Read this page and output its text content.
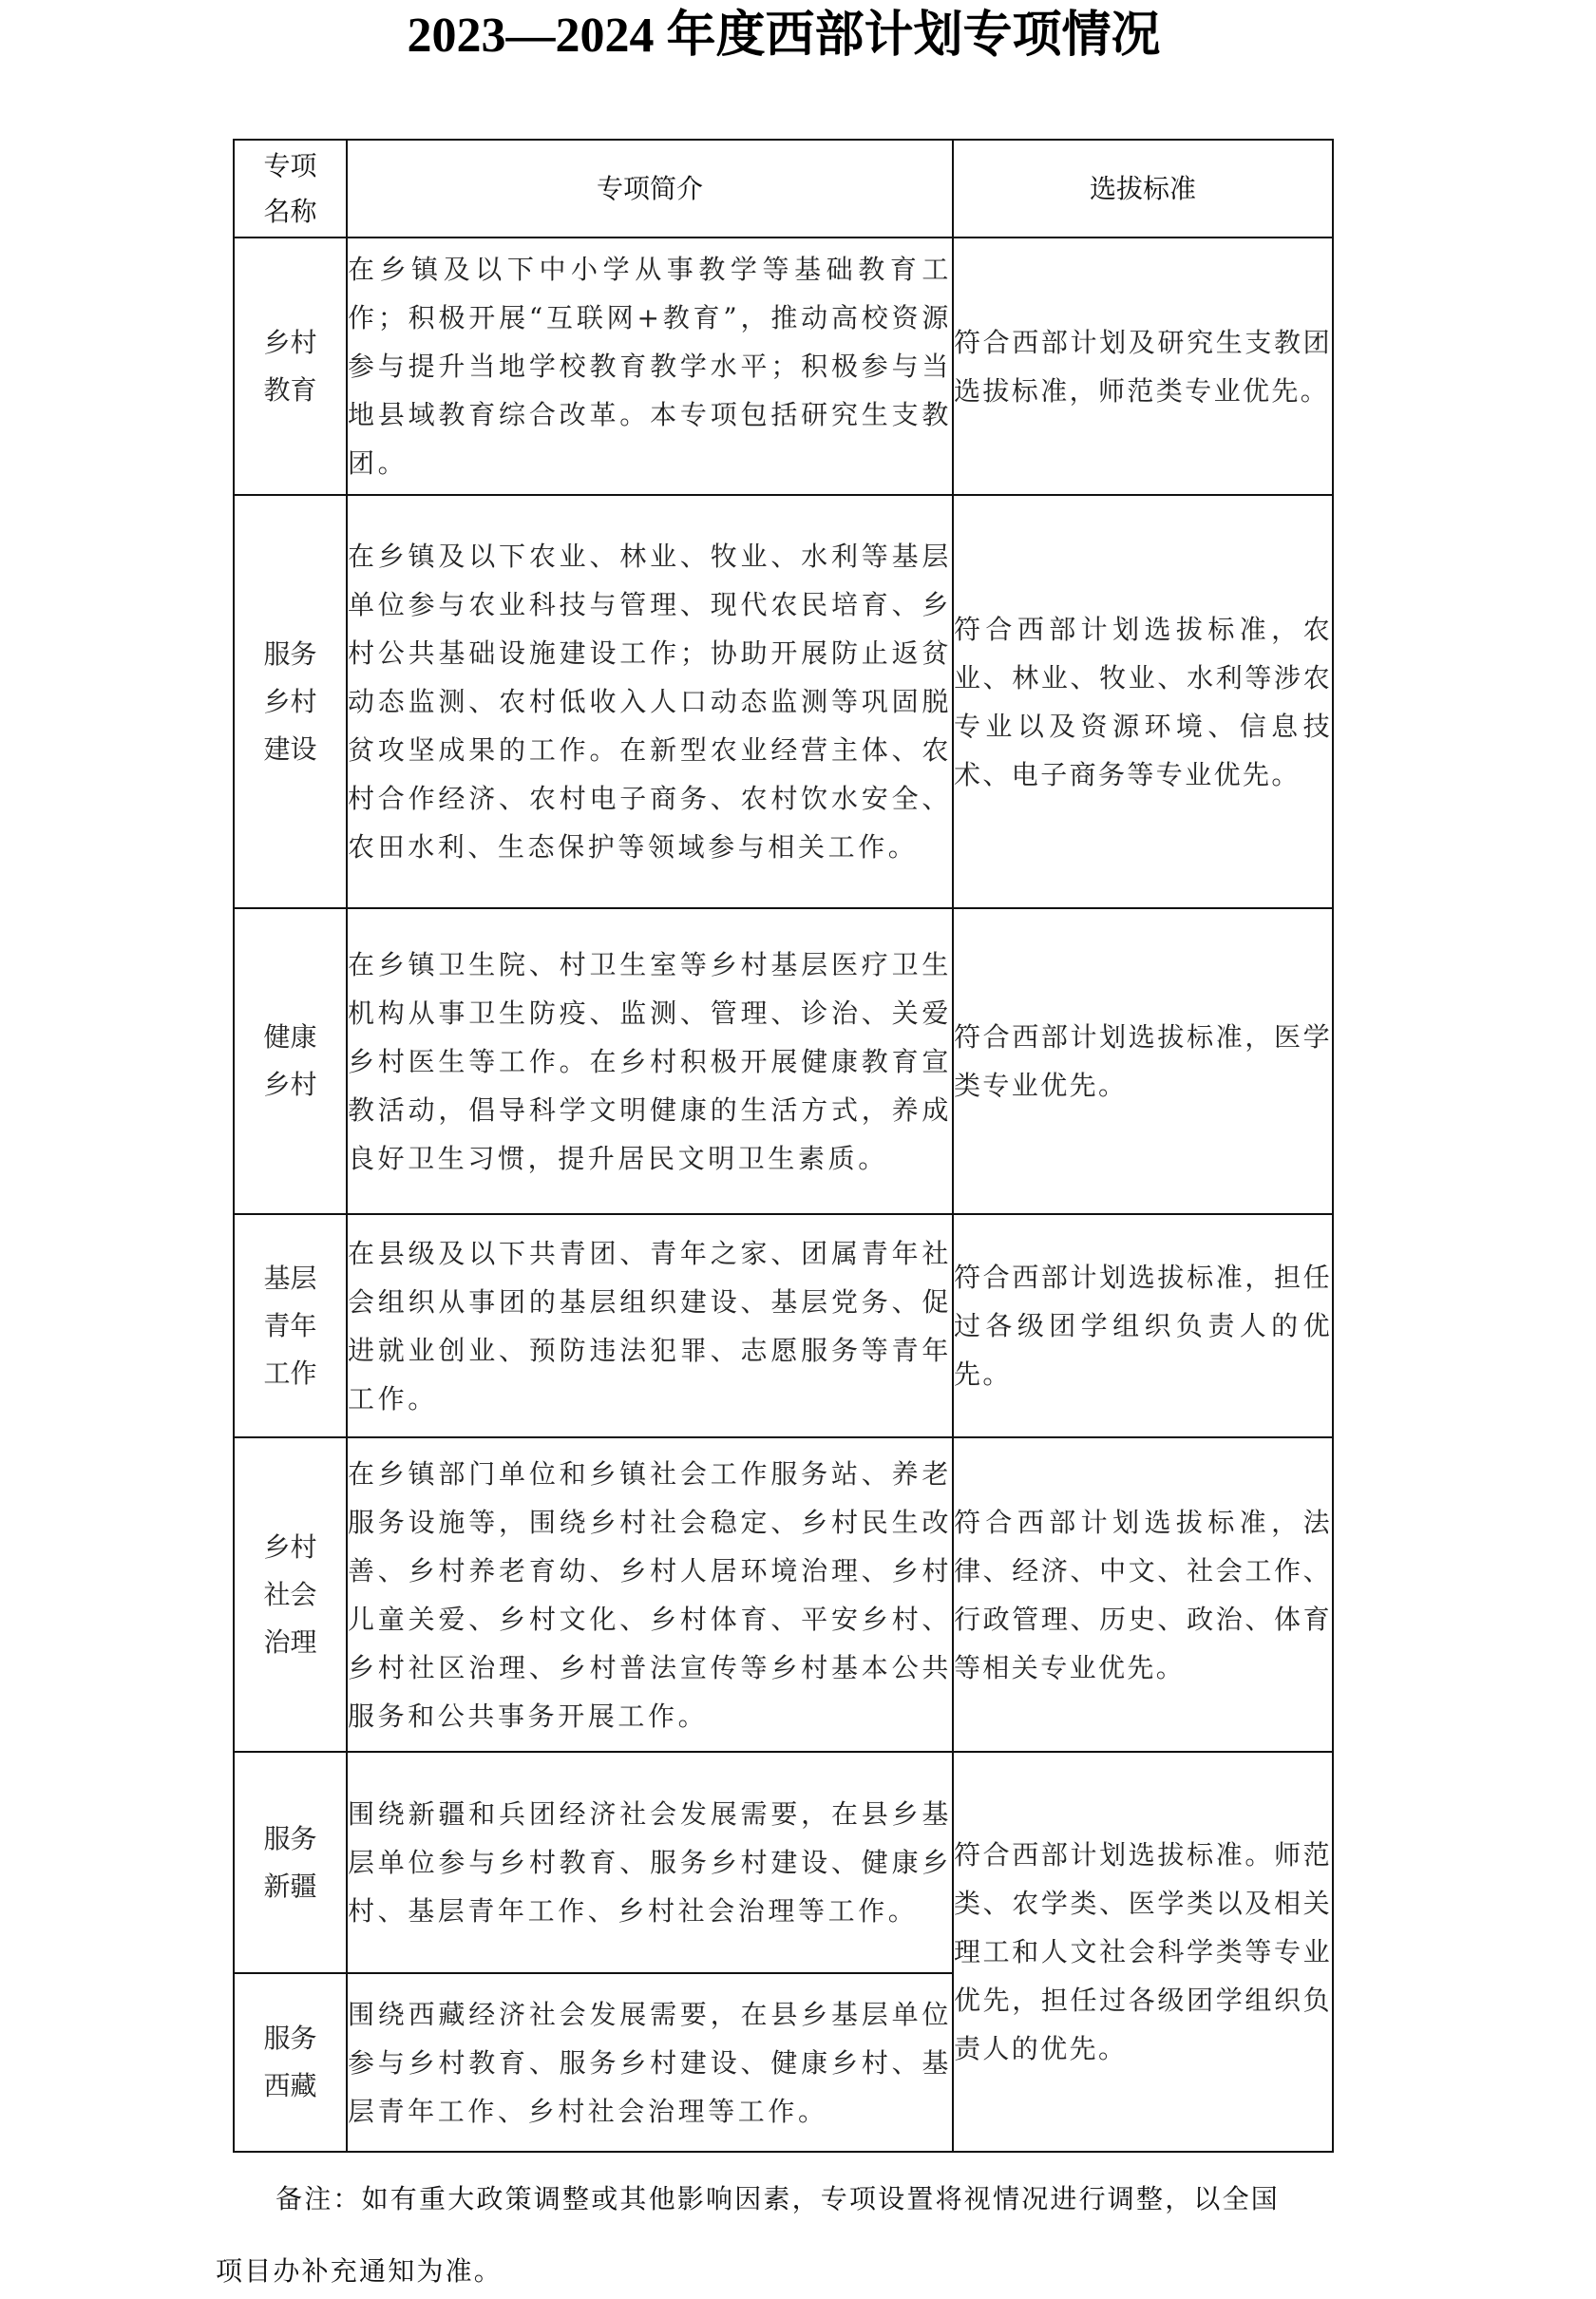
2023—2024 年度西部计划专项情况
专项
名称	专项简介	选拔标准

乡村
教育	在乡镇及以下中小学从事教学等基础教育工作；积极开展“互联网+教育”，推动高校资源参与提升当地学校教育教学水平；积极参与当地县域教育综合改革。本专项包括研究生支教团。	符合西部计划及研究生支教团选拔标准，师范类专业优先。

服务
乡村
建设	在乡镇及以下农业、林业、牧业、水利等基层单位参与农业科技与管理、现代农民培育、乡村公共基础设施建设工作；协助开展防止返贫动态监测、农村低收入人口动态监测等巩固脱贫攻坚成果的工作。在新型农业经营主体、农村合作经济、农村电子商务、农村饮水安全、农田水利、生态保护等领域参与相关工作。	符合西部计划选拔标准，农业、林业、牧业、水利等涉农专业以及资源环境、信息技术、电子商务等专业优先。

健康
乡村	在乡镇卫生院、村卫生室等乡村基层医疗卫生机构从事卫生防疫、监测、管理、诊治、关爱乡村医生等工作。在乡村积极开展健康教育宣教活动，倡导科学文明健康的生活方式，养成良好卫生习惯，提升居民文明卫生素质。	符合西部计划选拔标准，医学类专业优先。

基层
青年
工作	在县级及以下共青团、青年之家、团属青年社会组织从事团的基层组织建设、基层党务、促进就业创业、预防违法犯罪、志愿服务等青年工作。	符合西部计划选拔标准，担任过各级团学组织负责人的优先。

乡村
社会
治理	在乡镇部门单位和乡镇社会工作服务站、养老服务设施等，围绕乡村社会稳定、乡村民生改善、乡村养老育幼、乡村人居环境治理、乡村儿童关爱、乡村文化、乡村体育、平安乡村、乡村社区治理、乡村普法宣传等乡村基本公共服务和公共事务开展工作。	符合西部计划选拔标准，法律、经济、中文、社会工作、行政管理、历史、政治、体育等相关专业优先。

服务
新疆	围绕新疆和兵团经济社会发展需要，在县乡基层单位参与乡村教育、服务乡村建设、健康乡村、基层青年工作、乡村社会治理等工作。	符合西部计划选拔标准。师范类、农学类、医学类以及相关理工和人文社会科学类等专业优先，担任过各级团学组织负责人的优先。

服务
西藏	围绕西藏经济社会发展需要，在县乡基层单位参与乡村教育、服务乡村建设、健康乡村、基层青年工作、乡村社会治理等工作。	
备注：如有重大政策调整或其他影响因素，专项设置将视情况进行调整，以全国
项目办补充通知为准。
